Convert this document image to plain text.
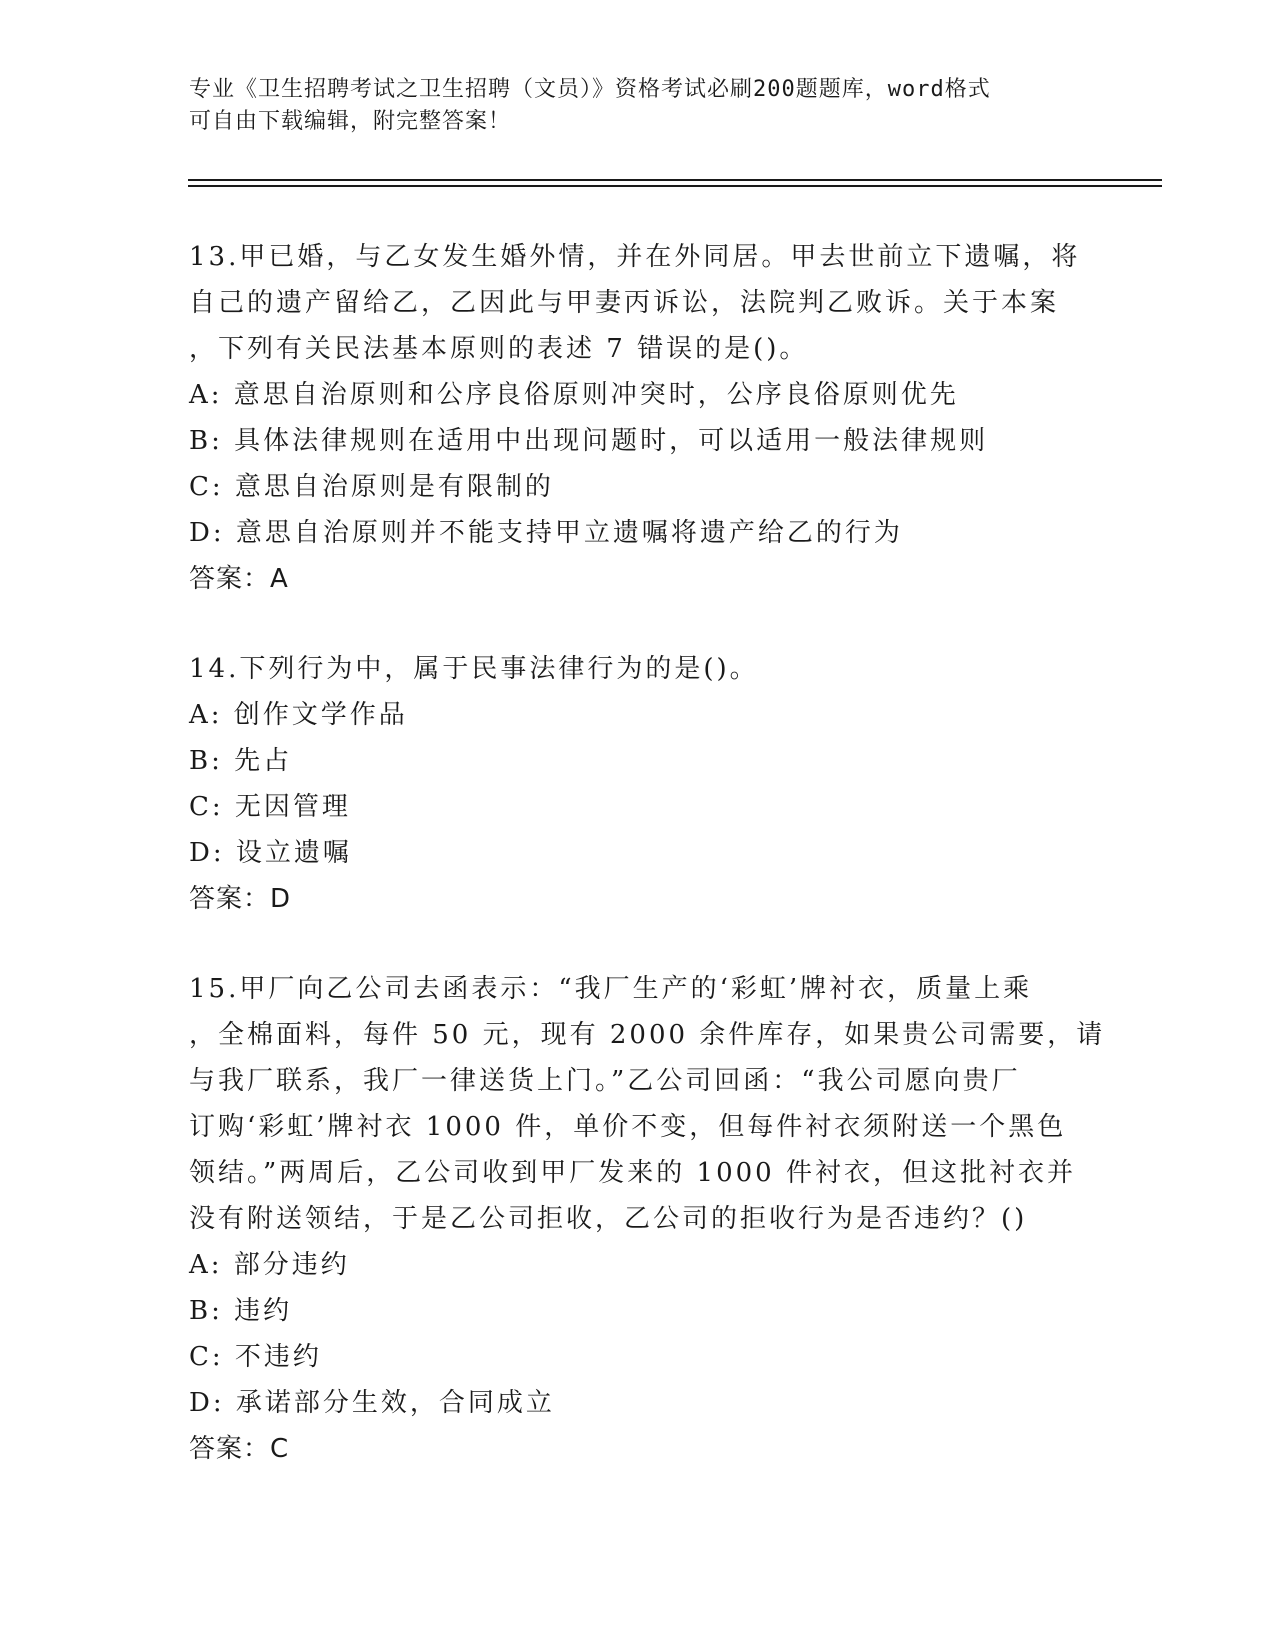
专业《卫生招聘考试之卫生招聘（文员）》资格考试必刷200题题库，word格式
可自由下载编辑，附完整答案！
13.甲已婚，与乙女发生婚外情，并在外同居。甲去世前立下遗嘱，将
自己的遗产留给乙，乙因此与甲妻丙诉讼，法院判乙败诉。关于本案
，下列有关民法基本原则的表述 7 错误的是()。
A: 意思自治原则和公序良俗原则冲突时，公序良俗原则优先
B: 具体法律规则在适用中出现问题时，可以适用一般法律规则
C: 意思自治原则是有限制的
D: 意思自治原则并不能支持甲立遗嘱将遗产给乙的行为
答案：A
14.下列行为中，属于民事法律行为的是()。
A: 创作文学作品
B: 先占
C: 无因管理
D: 设立遗嘱
答案：D
15.甲厂向乙公司去函表示：“我厂生产的‘彩虹’牌衬衣，质量上乘
，全棉面料，每件 50 元，现有 2000 余件库存，如果贵公司需要，请
与我厂联系，我厂一律送货上门。”乙公司回函：“我公司愿向贵厂
订购‘彩虹’牌衬衣 1000 件，单价不变，但每件衬衣须附送一个黑色
领结。”两周后，乙公司收到甲厂发来的 1000 件衬衣，但这批衬衣并
没有附送领结，于是乙公司拒收，乙公司的拒收行为是否违约？()
A: 部分违约
B: 违约
C: 不违约
D: 承诺部分生效，合同成立
答案：C
